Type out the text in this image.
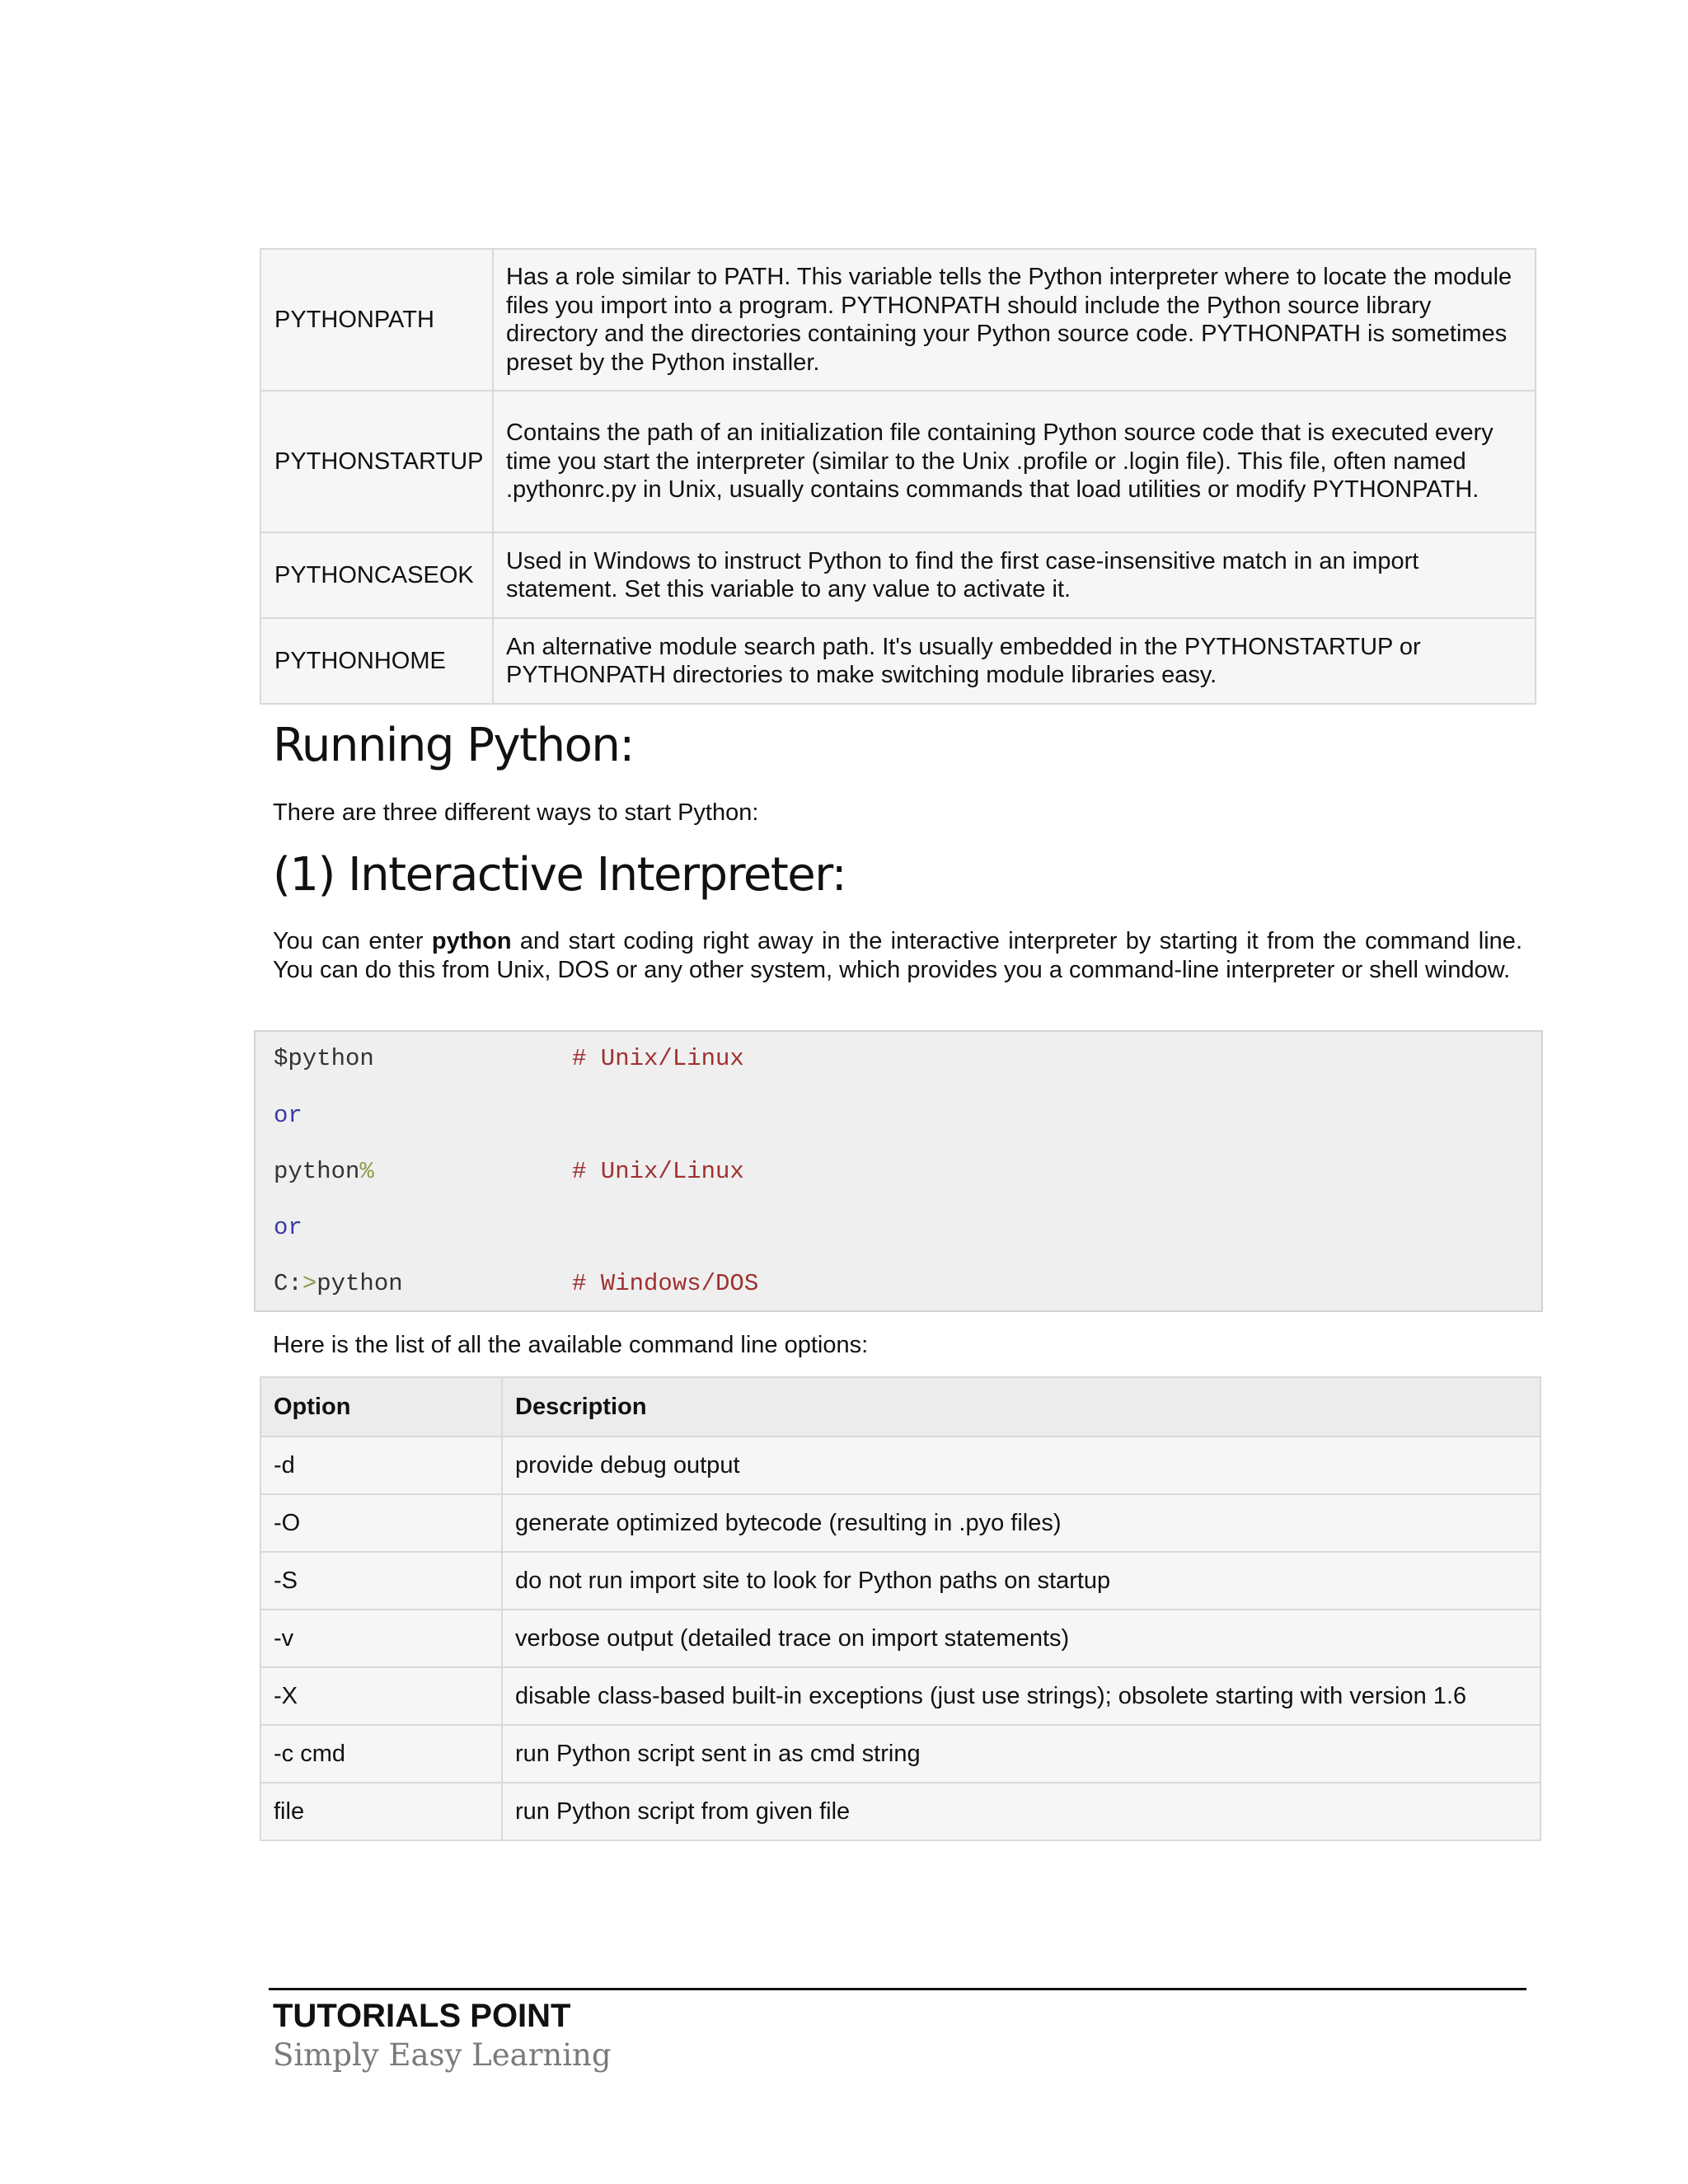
PYTHONPATH	Has a role similar to PATH. This variable tells the Python interpreter where to locate the module files you import into a program. PYTHONPATH should include the Python source library directory and the directories containing your Python source code. PYTHONPATH is sometimes preset by the Python installer.
PYTHONSTARTUP	Contains the path of an initialization file containing Python source code that is executed every time you start the interpreter (similar to the Unix .profile or .login file). This file, often named .pythonrc.py in Unix, usually contains commands that load utilities or modify PYTHONPATH.
PYTHONCASEOK	Used in Windows to instruct Python to find the first case-insensitive match in an import statement. Set this variable to any value to activate it.
PYTHONHOME	An alternative module search path. It's usually embedded in the PYTHONSTARTUP or PYTHONPATH directories to make switching module libraries easy.
Running Python:

There are three different ways to start Python:

(1) Interactive Interpreter:

You can enter python and start coding right away in the interactive interpreter by starting it from the command line. You can do this from Unix, DOS or any other system, which provides you a command-line interpreter or shell window.

$python	# Unix/Linux
or
python%	# Unix/Linux
or
C:>python	# Windows/DOS

Here is the list of all the available command line options:

Option	Description
-d	provide debug output
-O	generate optimized bytecode (resulting in .pyo files)
-S	do not run import site to look for Python paths on startup
-v	verbose output (detailed trace on import statements)
-X	disable class-based built-in exceptions (just use strings); obsolete starting with version 1.6
-c cmd	run Python script sent in as cmd string
file	run Python script from given file
TUTORIALS POINT
Simply Easy Learning
